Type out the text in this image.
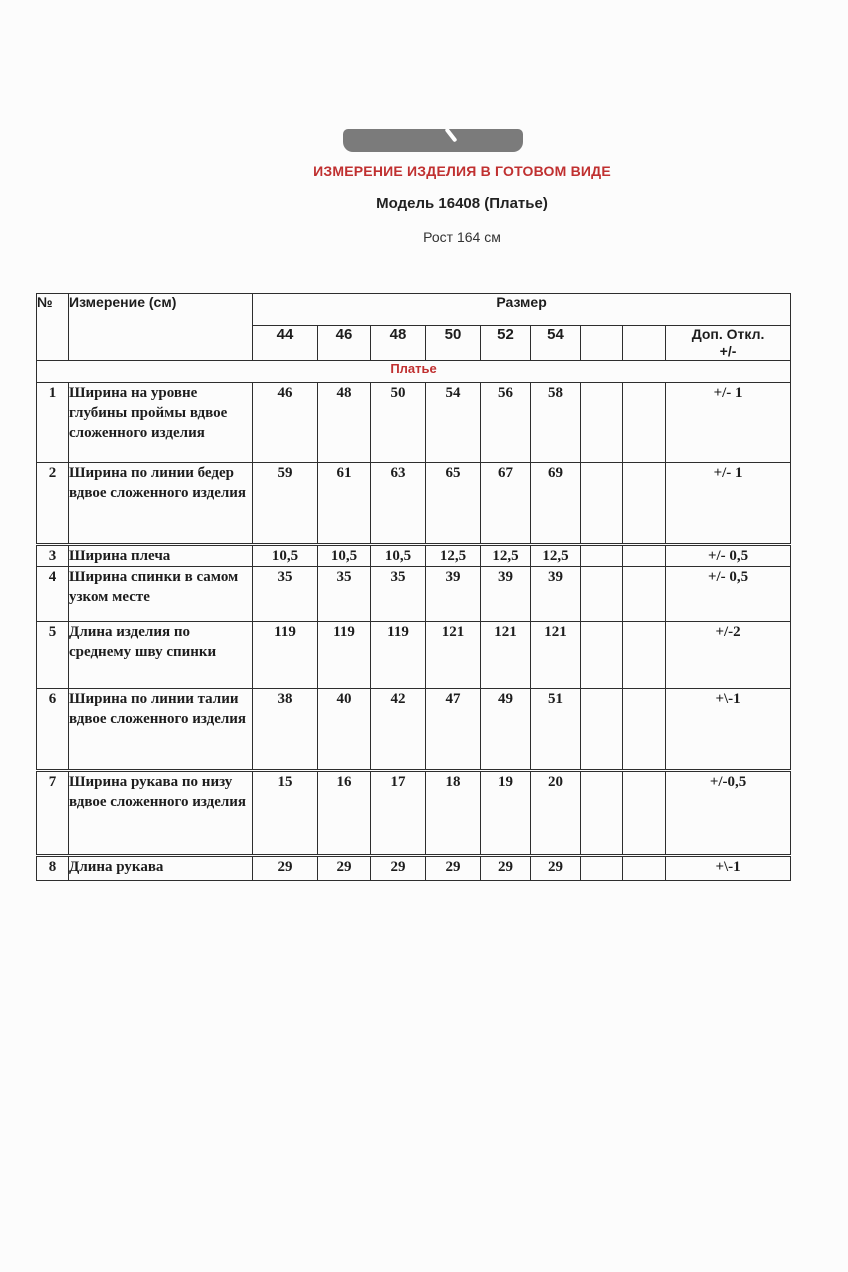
ИЗМЕРЕНИЕ ИЗДЕЛИЯ В ГОТОВОМ ВИДЕ
Модель 16408 (Платье)
Рост 164 см
№	Измерение (см)	Размер								
		44	46	48	50	52	54			Доп. Откл.
+/-

Платье										
1	Ширина на уровне глубины проймы вдвое сложенного изделия	46	48	50	54	56	58			+/- 1
2	Ширина по линии бедер вдвое сложенного изделия	59	61	63	65	67	69			+/- 1
3	Ширина плеча	10,5	10,5	10,5	12,5	12,5	12,5			+/- 0,5
4	Ширина спинки в самом узком месте	35	35	35	39	39	39			+/- 0,5
5	Длина изделия по среднему шву спинки	119	119	119	121	121	121			+/-2
6	Ширина по линии талии вдвое сложенного изделия	38	40	42	47	49	51			+\-1
7	Ширина рукава по низу вдвое сложенного изделия	15	16	17	18	19	20			+/-0,5
8	Длина рукава	29	29	29	29	29	29			+\-1
